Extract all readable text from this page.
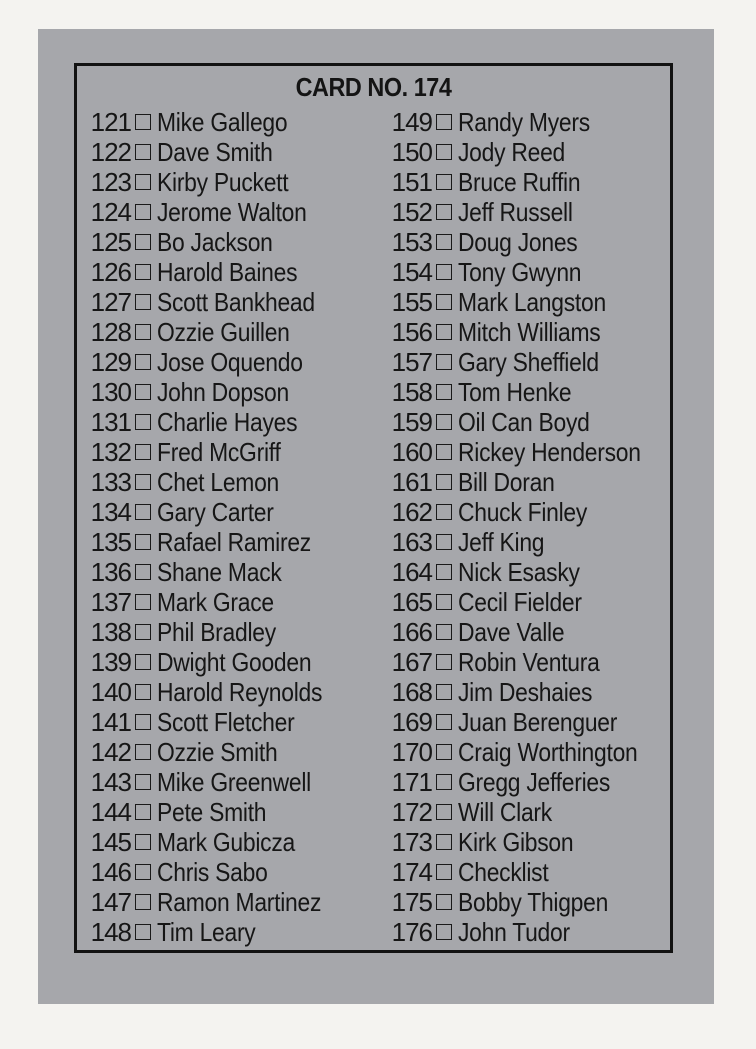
CARD NO. 174
121 Mike Gallego
122 Dave Smith
123 Kirby Puckett
124 Jerome Walton
125 Bo Jackson
126 Harold Baines
127 Scott Bankhead
128 Ozzie Guillen
129 Jose Oquendo
130 John Dopson
131 Charlie Hayes
132 Fred McGriff
133 Chet Lemon
134 Gary Carter
135 Rafael Ramirez
136 Shane Mack
137 Mark Grace
138 Phil Bradley
139 Dwight Gooden
140 Harold Reynolds
141 Scott Fletcher
142 Ozzie Smith
143 Mike Greenwell
144 Pete Smith
145 Mark Gubicza
146 Chris Sabo
147 Ramon Martinez
148 Tim Leary
149 Randy Myers
150 Jody Reed
151 Bruce Ruffin
152 Jeff Russell
153 Doug Jones
154 Tony Gwynn
155 Mark Langston
156 Mitch Williams
157 Gary Sheffield
158 Tom Henke
159 Oil Can Boyd
160 Rickey Henderson
161 Bill Doran
162 Chuck Finley
163 Jeff King
164 Nick Esasky
165 Cecil Fielder
166 Dave Valle
167 Robin Ventura
168 Jim Deshaies
169 Juan Berenguer
170 Craig Worthington
171 Gregg Jefferies
172 Will Clark
173 Kirk Gibson
174 Checklist
175 Bobby Thigpen
176 John Tudor
